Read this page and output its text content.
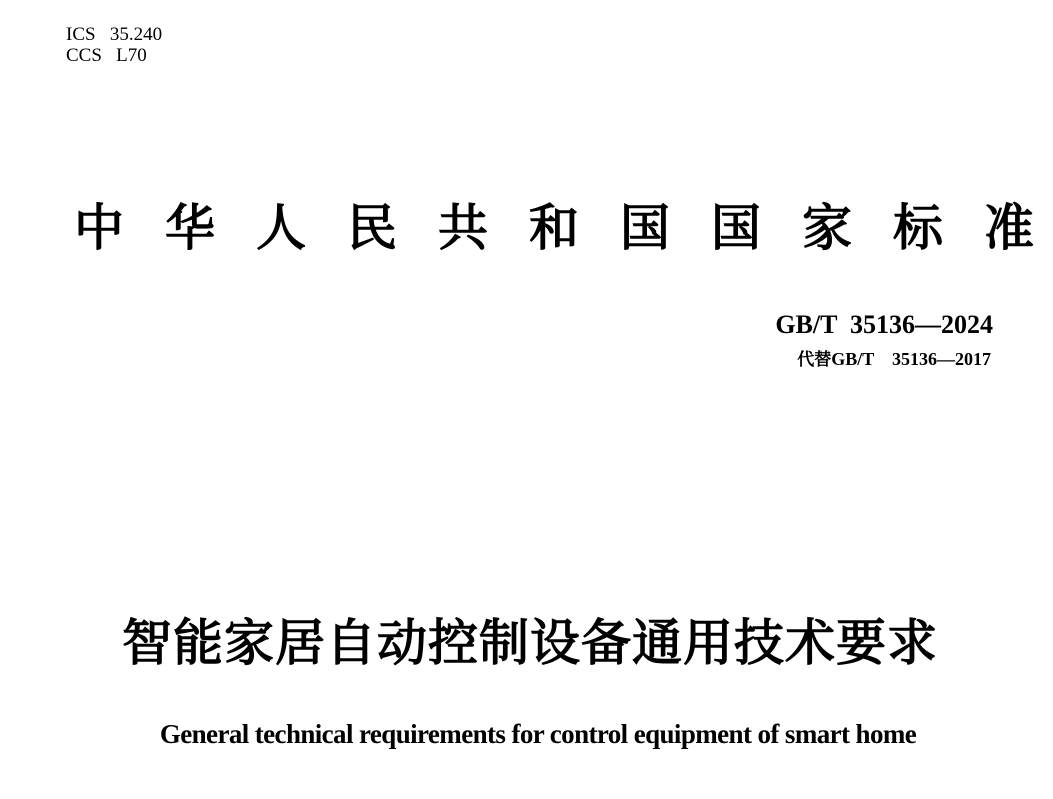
ICS   35.240
CCS   L70
中 华 人 民 共 和 国 国 家 标 准
GB/T  35136—2024
代替GB/T    35136—2017
智能家居自动控制设备通用技术要求
General technical requirements for control equipment of smart home
